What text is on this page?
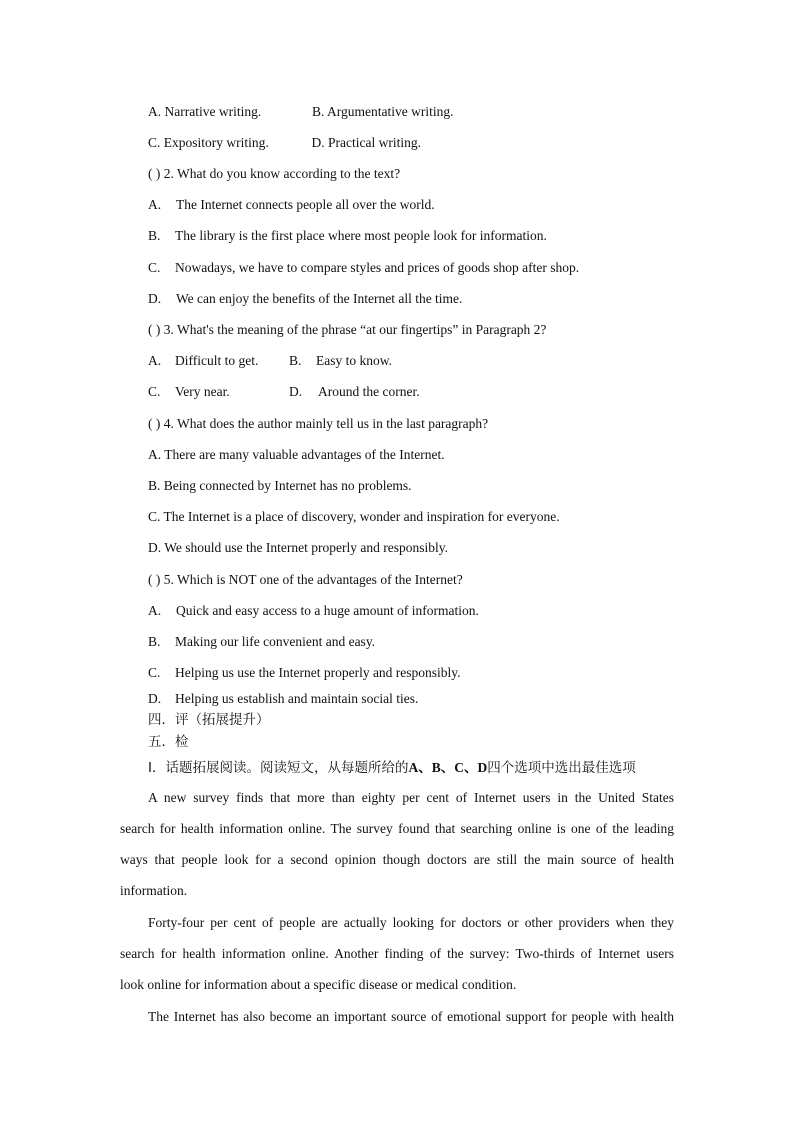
A. Narrative writing.	B. Argumentative writing.
C. Expository writing.	D. Practical writing.
( ) 2. What do you know according to the text?
A. The Internet connects people all over the world.
B. The library is the first place where most people look for information.
C. Nowadays, we have to compare styles and prices of goods shop after shop.
D. We can enjoy the benefits of the Internet all the time.
( ) 3. What's the meaning of the phrase “at our fingertips” in Paragraph 2?
A. Difficult to get. B. Easy to know.
C. Very near.	D. Around the corner.
( ) 4. What does the author mainly tell us in the last paragraph?
A. There are many valuable advantages of the Internet.
B. Being connected by Internet has no problems.
C. The Internet is a place of discovery, wonder and inspiration for everyone.
D. We should use the Internet properly and responsibly.
( ) 5. Which is NOT one of the advantages of the Internet?
A. Quick and easy access to a huge amount of information.
B. Making our life convenient and easy.
C. Helping us use the Internet properly and responsibly.
D. Helping us establish and maintain social ties.
四．评（拓展提升）
五．检
Ⅰ．话题拓展阅读。阅读短文，从每题所给的A、B、C、D四个选项中选出最佳选项
A new survey finds that more than eighty per cent of Internet users in the United States
search for health information online. The survey found that searching online is one of the leading
ways that people look for a second opinion though doctors are still the main source of health
information.
Forty-four per cent of people are actually looking for doctors or other providers when they
search for health information online. Another finding of the survey: Two-thirds of Internet users
look online for information about a specific disease or medical condition.
The Internet has also become an important source of emotional support for people with health
